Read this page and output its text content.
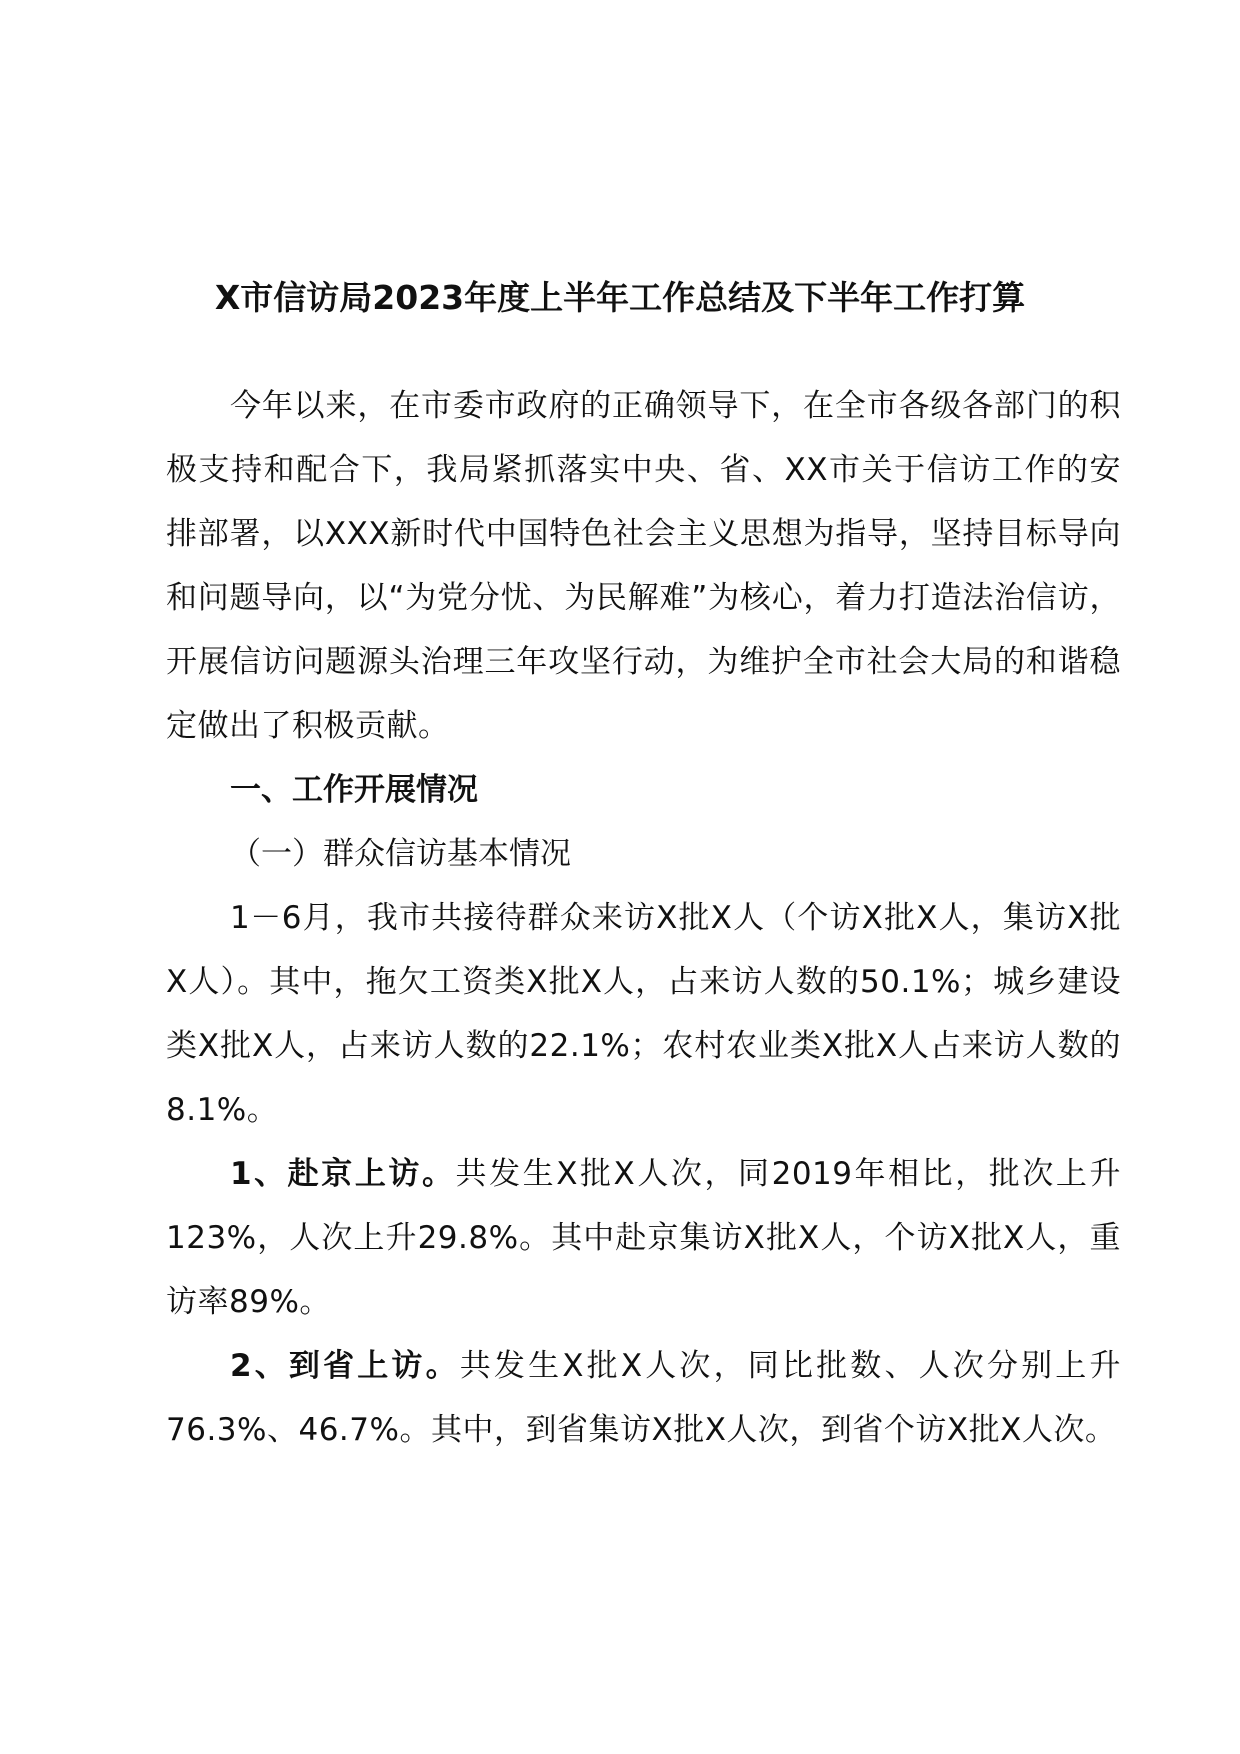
X市信访局2023年度上半年工作总结及下半年工作打算

今年以来，在市委市政府的正确领导下，在全市各级各部门的积极支持和配合下，我局紧抓落实中央、省、XX市关于信访工作的安排部署，以XXX新时代中国特色社会主义思想为指导，坚持目标导向和问题导向，以“为党分忧、为民解难”为核心，着力打造法治信访，开展信访问题源头治理三年攻坚行动，为维护全市社会大局的和谐稳定做出了积极贡献。

一、工作开展情况

（一）群众信访基本情况

1－6月，我市共接待群众来访X批X人（个访X批X人，集访X批X人）。其中，拖欠工资类X批X人，占来访人数的50.1%；城乡建设类X批X人，占来访人数的22.1%；农村农业类X批X人占来访人数的8.1%。

1、赴京上访。共发生X批X人次，同2019年相比，批次上升123%，人次上升29.8%。其中赴京集访X批X人，个访X批X人，重访率89%。

2、到省上访。共发生X批X人次，同比批数、人次分别上升76.3%、46.7%。其中，到省集访X批X人次，到省个访X批X人次。
